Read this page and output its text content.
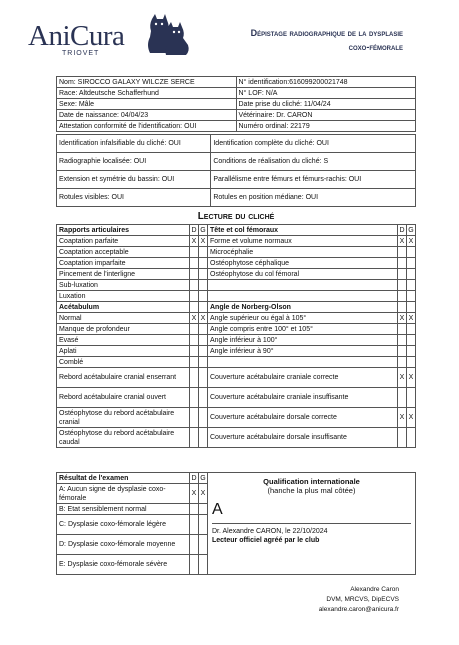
AniCura
TRIOVET
Dépistage radiographique de la dysplasie
coxo-fémorale
Nom: SIROCCO GALAXY WILCZE SERCE	N° identification:616099200021748
Race: Altdeutsche Schafferhund	N° LOF: N/A
Sexe: Mâle	Date prise du cliché: 11/04/24
Date de naissance: 04/04/23	Vétérinaire: Dr. CARON
Attestation conformité de l'identification: OUI	Numéro ordinal: 22179
Identification infalsifiable du cliché: OUI	Identification complète du cliché: OUI
Radiographie localisée: OUI	Conditions de réalisation du cliché: S
Extension et symétrie du bassin: OUI	Parallélisme entre fémurs et fémurs-rachis: OUI
Rotules visibles: OUI	Rotules en position médiane: OUI
Lecture du cliché
Rapports articulaires	D	G	Tête et col fémoraux	D	G
Coaptation parfaite	X	X	Forme et volume normaux	X	X
Coaptation acceptable			Microcéphalie		
Coaptation imparfaite			Ostéophytose céphalique		
Pincement de l'interligne			Ostéophytose du col fémoral		
Sub-luxation					
Luxation					
Acétabulum			Angle de Norberg-Olson		
Normal	X	X	Angle supérieur ou égal à 105°	X	X
Manque de profondeur			Angle compris entre 100° et 105°		
Evasé			Angle inférieur à 100°		
Aplati			Angle inférieur à 90°		
Comblé					
Rebord acétabulaire cranial enserrant			Couverture acétabulaire craniale correcte	X	X
Rebord acétabulaire cranial ouvert			Couverture acétabulaire craniale insuffisante		
Ostéophytose du rebord acétabulaire cranial			Couverture acétabulaire dorsale correcte	X	X
Ostéophytose du rebord acétabulaire caudal			Couverture acétabulaire dorsale insuffisante		
Résultat de l'examen	D	G	Qualification internationale
(hanche la plus mal côtée)
A
Dr. Alexandre CARON, le 22/10/2024
Lecteur officiel agréé par le club

A: Aucun signe de dysplasie coxo-fémorale	X	X	
B: Etat sensiblement normal			
C: Dysplasie coxo-fémorale légère			
D: Dysplasie coxo-fémorale moyenne			
E: Dysplasie coxo-fémorale sévère			
Alexandre Caron
DVM, MRCVS, DipECVS
alexandre.caron@anicura.fr
